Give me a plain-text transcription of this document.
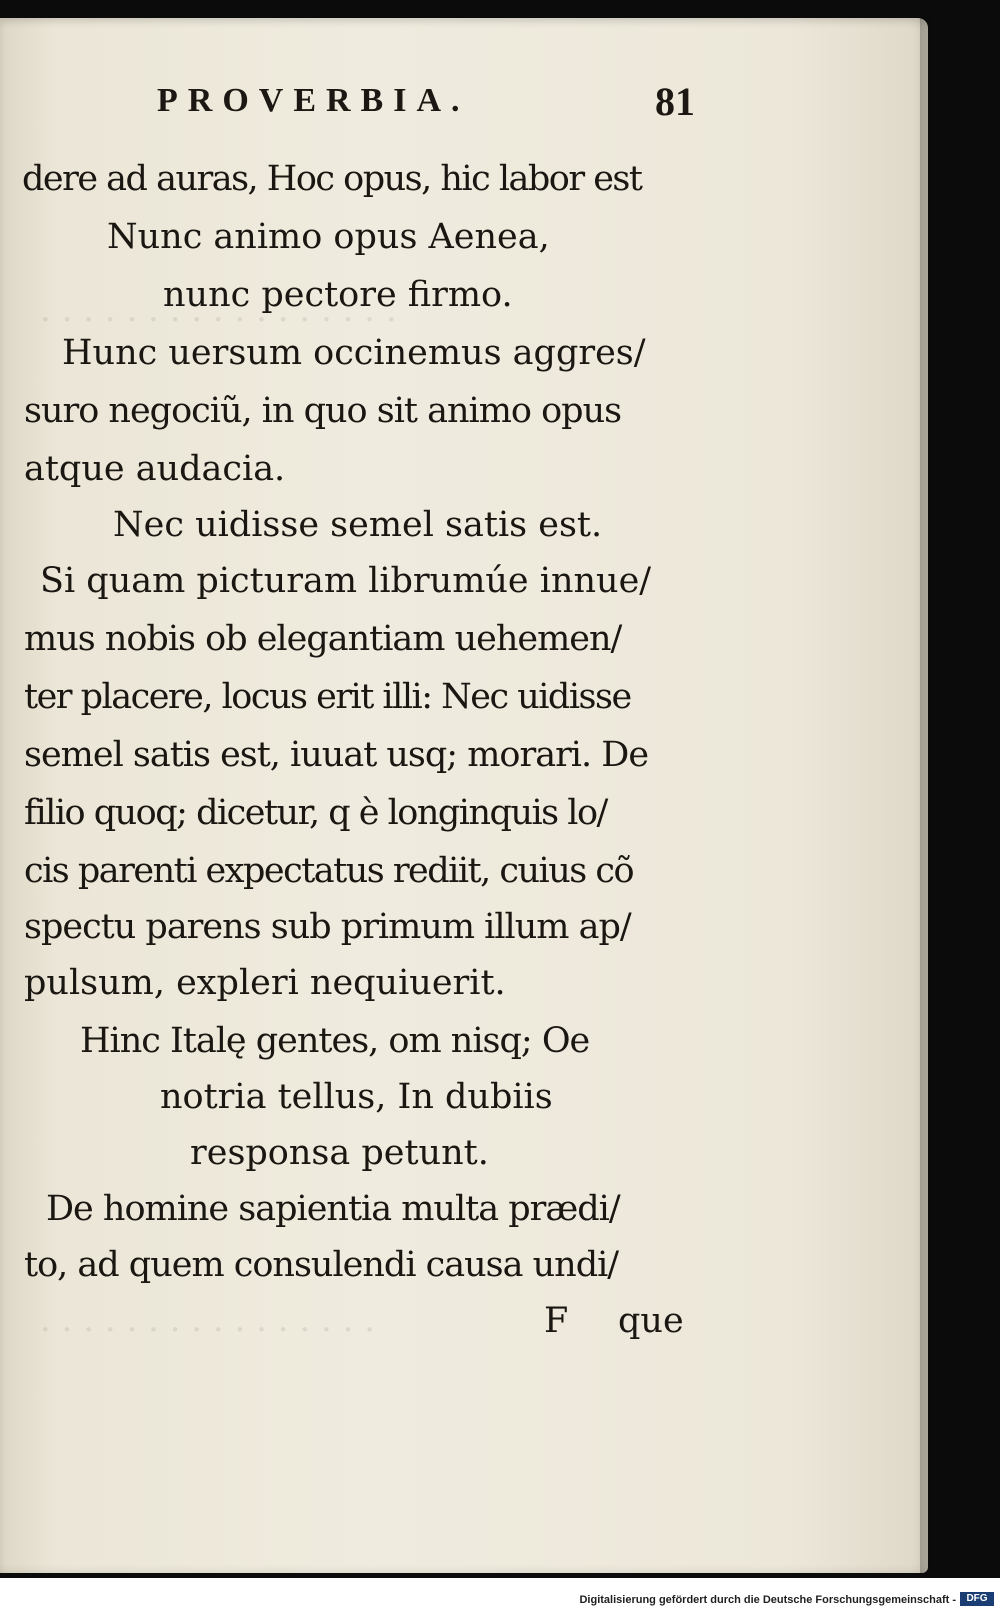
· · · · · · · · · · · · · · · · ·
· · · · · · · · · · · · · · · ·
PROVERBIA.	81
dere ad auras, Hoc opus, hic labor est
Nunc animo opus Aenea,
nunc pectore firmo.
Hunc uersum occinemus aggres/
suro negociũ, in quo sit animo opus
atque audacia.
Nec uidisse semel satis est.
Si quam picturam librumúe innue/
mus nobis ob elegantiam uehemen/
ter placere, locus erit illi: Nec uidisse
semel satis est, iuuat usq; morari. De
filio quoq; dicetur, q è longinquis lo/
cis parenti expectatus rediit, cuius cõ
spectu parens sub primum illum ap/
pulsum, expleri nequiuerit.
Hinc Italę gentes, om nisq; Oe
notria tellus, In dubiis
responsa petunt.
De homine sapientia multa prædi/
to, ad quem consulendi causa undi/
F que
Digitalisierung gefördert durch die Deutsche Forschungsgemeinschaft -	DFG
